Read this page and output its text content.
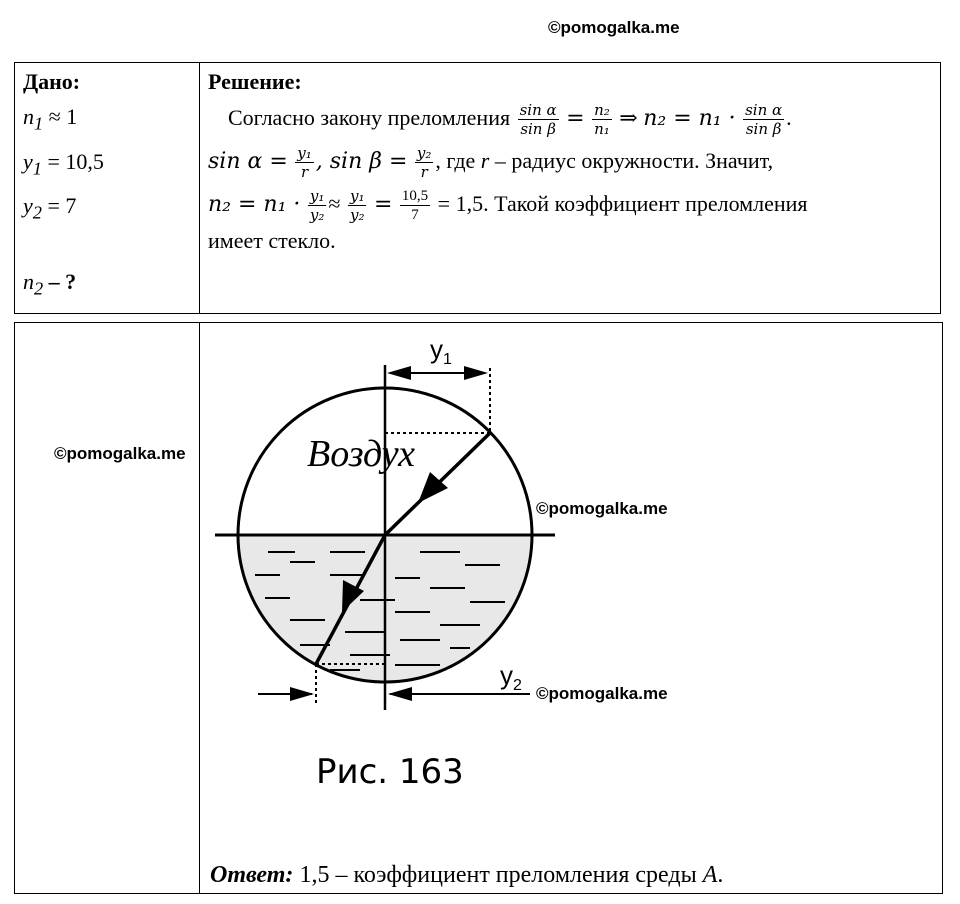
©pomogalka.me
Дано:
$n_1 \approx 1$
$y_1 = 10,5$
$y_2 = 7$
$n_2$ – ?

Решение:
Согласно закону преломления $\frac{\text{sin α}}{\text{sin β}} = \frac{\text{n₂}}{\text{n₁}}$ ⇒ $n_2 = n_1 \cdot \frac{\text{sin α}}{\text{sin β}}$ .
$\sin \alpha = \frac{\text{y₁}}{r}$ , $\sin \beta = \frac{\text{y₂}}{r}$ , где r – радиус окружности. Значит,
$n_2 = n_1 \cdot \frac{\text{y₁}}{\text{y₂}} \approx \frac{\text{y₁}}{\text{y₂}} = \frac{10,5}{7} = 1,5$. Такой коэффициент преломления
имеет стекло.
©pomogalka.me
©pomogalka.me
©pomogalka.me
$y_1$
$y_2$
Воздух
Рис. 163
Ответ: 1,5 – коэффициент преломления среды А.
